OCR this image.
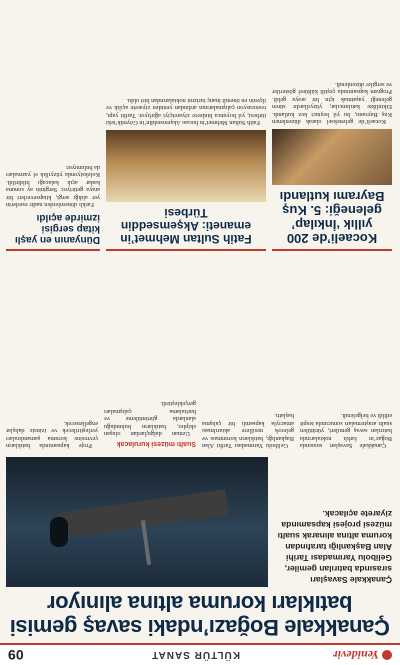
Yenidevir
KÜLTÜR SANAT
09
Çanakkale Boğazı’ndaki savaş gemisi batıkları koruma altına alınıyor
Çanakkale Savaşları sırasında batırılan gemiler, Gelibolu Yarımadası Tarihi Alan Başkanlığı tarafından koruma altına alınarak sualtı müzesi projesi kapsamında ziyarete açılacak.

Çanakkale Savaşları sırasında Boğaz’ın farklı noktalarında batırılan savaş gemileri, yürütülen sualtı araştırmaları sonucunda tespit edildi ve belgelendi.

Gelibolu Yarımadası Tarihi Alan Başkanlığı, batıkların korunması ve gelecek nesillere aktarılması amacıyla kapsamlı bir çalışma başlattı.

Sualtı müzesi kurulacak

Uzman dalgıçlardan oluşan ekipler, batıkların bulunduğu alanlarda görüntüleme ve haritalama çalışmaları gerçekleştirdi.

Proje kapsamında batıkların çevresine koruma şamandıraları yerleştirilecek ve izinsiz dalışlar engellenecek.

Kocaeli’de 200 yıllık ‘İnkılap’ geleneği: 5. Kuş Bayramı kutlandı

Kocaeli’de geleneksel olarak düzenlenen Kuş Bayramı, bu yıl beşinci kez kutlandı. Etkinlikte katılımcılar, yüzyıllardır süren geleneği yaşatmak için bir araya geldi. Program kapsamında çeşitli kültürel gösteriler ve sergiler düzenlendi.

Fatih Sultan Mehmet’in emaneti: Akşemseddin Türbesi

Fatih Sultan Mehmet’in hocası Akşemseddin’in Göynük’teki türbesi, yıl boyunca binlerce ziyaretçiyi ağırlıyor. Tarihi yapı, restorasyon çalışmalarının ardından yeniden ziyarete açıldı ve ilçenin en önemli inanç turizmi noktalarından biri oldu.

Dünyanın en yaşlı kitap sergisi izmirde açıldı

Farklı dönemlerden nadir eserlerin yer aldığı sergi, kitapseverleri bir araya getiriyor. Serginin ay sonuna kadar açık kalacağı bildirildi. Koleksiyonda yüzyıllık el yazmaları da bulunuyor.
